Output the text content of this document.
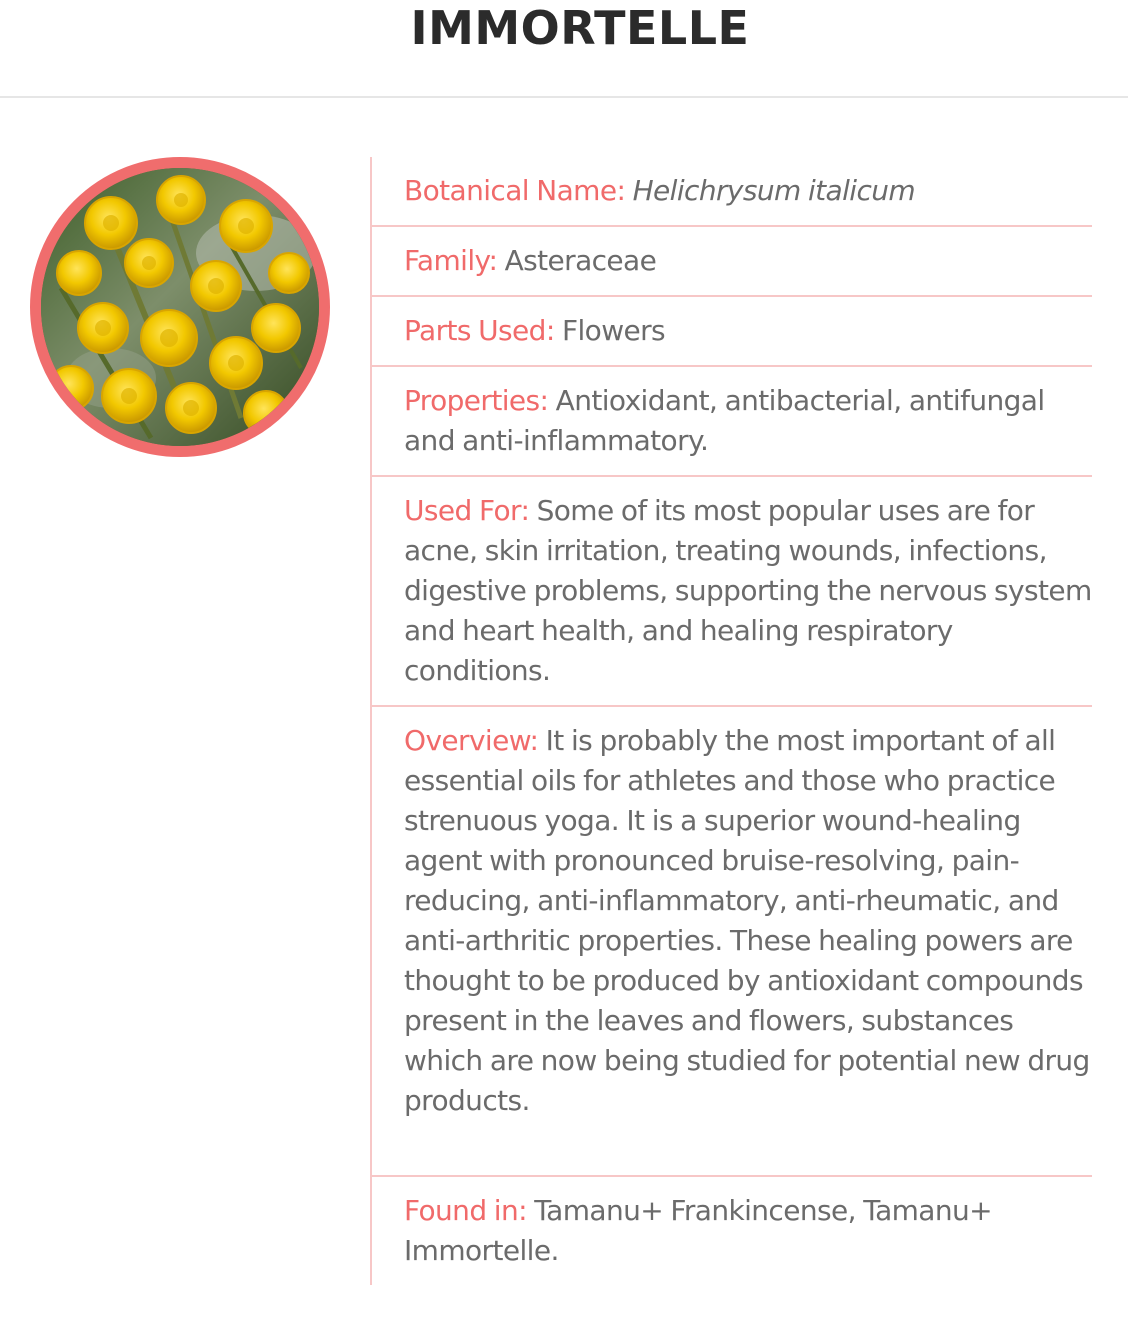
IMMORTELLE
Botanical Name: Helichrysum italicum
Family: Asteraceae
Parts Used: Flowers
Properties: Antioxidant, antibacterial, antifungal and anti-inflammatory.
Used For: Some of its most popular uses are for acne, skin irritation, treating wounds, infections, digestive problems, supporting the nervous system and heart health, and healing respiratory conditions.
Overview: It is probably the most important of all essential oils for athletes and those who practice strenuous yoga. It is a superior wound-healing agent with pronounced bruise-resolving, pain-reducing, anti-inflammatory, anti-rheumatic, and anti-arthritic properties. These healing powers are thought to be produced by antioxidant compounds present in the leaves and flowers, substances which are now being studied for potential new drug products.
Found in: Tamanu+ Frankincense, Tamanu+ Immortelle.
